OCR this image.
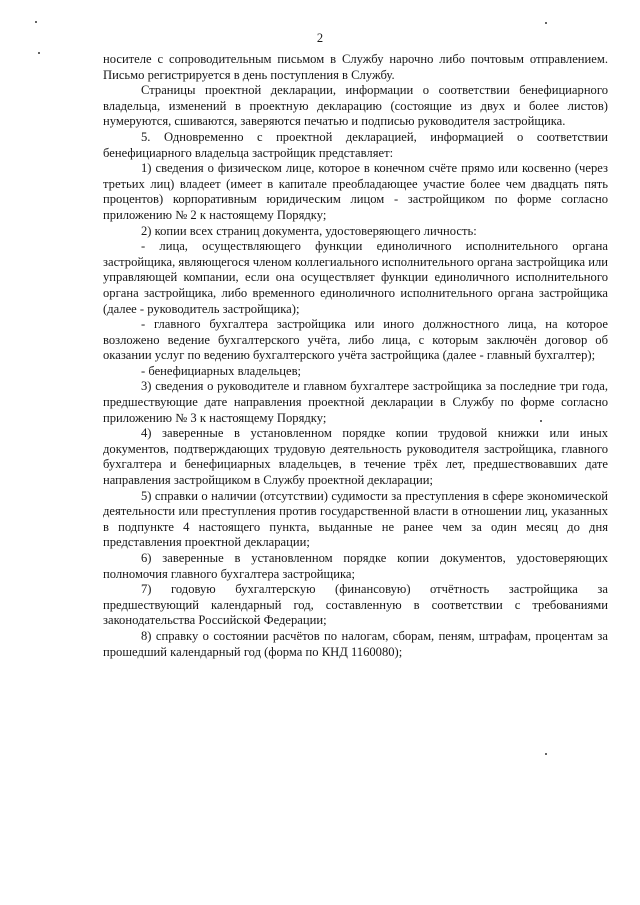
2

носителе с сопроводительным письмом в Службу нарочно либо почтовым отправлением. Письмо регистрируется в день поступления в Службу.

Страницы проектной декларации, информации о соответствии бенефициарного владельца, изменений в проектную декларацию (состоящие из двух и более листов) нумеруются, сшиваются, заверяются печатью и подписью руководителя застройщика.

5. Одновременно с проектной декларацией, информацией о соответствии бенефициарного владельца застройщик представляет:

1) сведения о физическом лице, которое в конечном счёте прямо или косвенно (через третьих лиц) владеет (имеет в капитале преобладающее участие более чем двадцать пять процентов) корпоративным юридическим лицом - застройщиком по форме согласно приложению № 2 к настоящему Порядку;

2) копии всех страниц документа, удостоверяющего личность:

- лица, осуществляющего функции единоличного исполнительного органа застройщика, являющегося членом коллегиального исполнительного органа застройщика или управляющей компании, если она осуществляет функции единоличного исполнительного органа застройщика, либо временного единоличного исполнительного органа застройщика (далее - руководитель застройщика);

- главного бухгалтера застройщика или иного должностного лица, на которое возложено ведение бухгалтерского учёта, либо лица, с которым заключён договор об оказании услуг по ведению бухгалтерского учёта застройщика (далее - главный бухгалтер);

- бенефициарных владельцев;

3) сведения о руководителе и главном бухгалтере застройщика за последние три года, предшествующие дате направления проектной декларации в Службу по форме согласно приложению № 3 к настоящему Порядку;

4) заверенные в установленном порядке копии трудовой книжки или иных документов, подтверждающих трудовую деятельность руководителя застройщика, главного бухгалтера и бенефициарных владельцев, в течение трёх лет, предшествовавших дате направления застройщиком в Службу проектной декларации;

5) справки о наличии (отсутствии) судимости за преступления в сфере экономической деятельности или преступления против государственной власти в отношении лиц, указанных в подпункте 4 настоящего пункта, выданные не ранее чем за один месяц до дня представления проектной декларации;

6) заверенные в установленном порядке копии документов, удостоверяющих полномочия главного бухгалтера застройщика;

7) годовую бухгалтерскую (финансовую) отчётность застройщика за предшествующий календарный год, составленную в соответствии с требованиями законодательства Российской Федерации;

8) справку о состоянии расчётов по налогам, сборам, пеням, штрафам, процентам за прошедший календарный год (форма по КНД 1160080);
